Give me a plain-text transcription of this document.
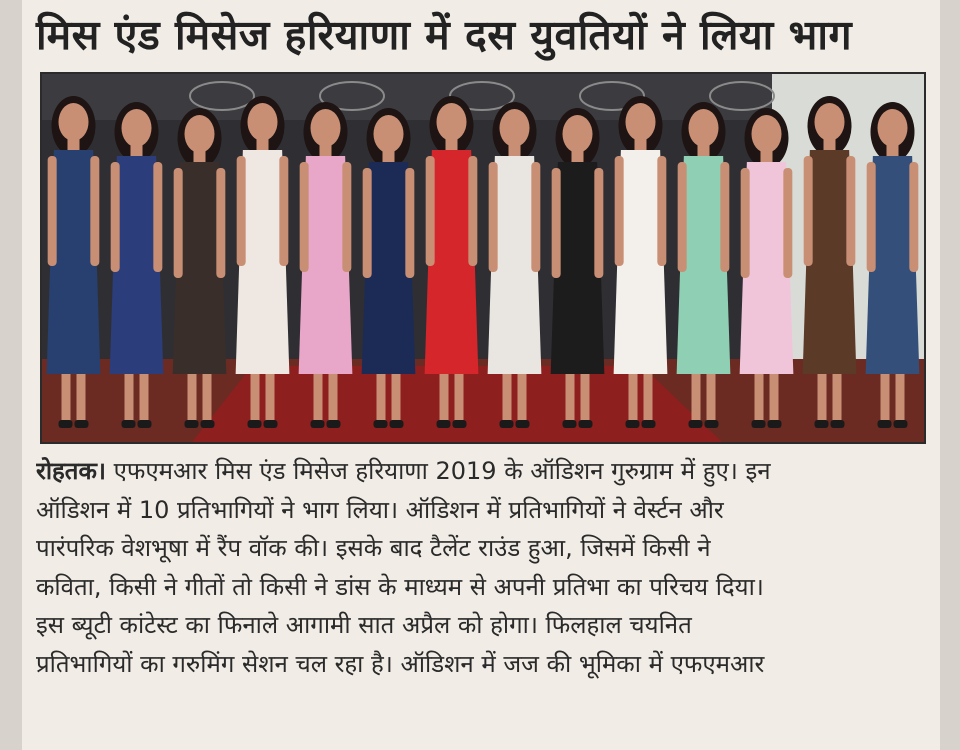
मिस एंड मिसेज हरियाणा में दस युवतियों ने लिया भाग
रोहतक। एफएमआर मिस एंड मिसेज हरियाणा 2019 के ऑडिशन गुरुग्राम में हुए। इन
ऑडिशन में 10 प्रतिभागियों ने भाग लिया। ऑडिशन में प्रतिभागियों ने वेर्स्टन और
पारंपरिक वेशभूषा में रैंप वॉक की। इसके बाद टैलेंट राउंड हुआ, जिसमें किसी ने
कविता, किसी ने गीतों तो किसी ने डांस के माध्यम से अपनी प्रतिभा का परिचय दिया।
इस ब्यूटी कांटेस्ट का फिनाले आगामी सात अप्रैल को होगा। फिलहाल चयनित
प्रतिभागियों का गरुमिंग सेशन चल रहा है। ऑडिशन में जज की भूमिका में एफएमआर
